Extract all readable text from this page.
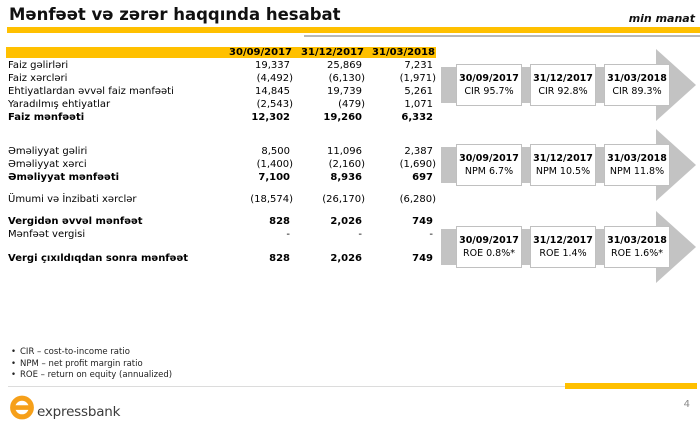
Mənfəət və zərər haqqında hesabat	min manat
30/09/2017 31/12/2017 31/03/2018
Faiz gəlirləri	19,337	25,869	7,231
Faiz xərcləri	(4,492)	(6,130)	(1,971)
Ehtiyatlardan əvvəl faiz mənfəəti	14,845	19,739	5,261
Yaradılmış ehtiyatlar	(2,543)	(479)	1,071
Faiz mənfəəti	12,302	19,260	6,332
Əməliyyat gəliri	8,500	11,096	2,387
Əməliyyat xərci	(1,400)	(2,160)	(1,690)
Əməliyyat mənfəəti	7,100	8,936	697
Ümumi və İnzibati xərclər	(18,574)	(26,170)	(6,280)
Vergidən əvvəl mənfəət	828	2,026	749
Mənfəət vergisi	-	-	-
Vergi çıxıldıqdan sonra mənfəət	828	2,026	749
30/09/2017
CIR 95.7%
31/12/2017
CIR 92.8%
31/03/2018
CIR 89.3%
30/09/2017
NPM 6.7%
31/12/2017
NPM 10.5%
31/03/2018
NPM 11.8%
30/09/2017
ROE 0.8%*
31/12/2017
ROE 1.4%
31/03/2018
ROE 1.6%*
• CIR – cost-to-income ratio
• NPM – net profit margin ratio
• ROE – return on equity (annualized)
expressbank	4
